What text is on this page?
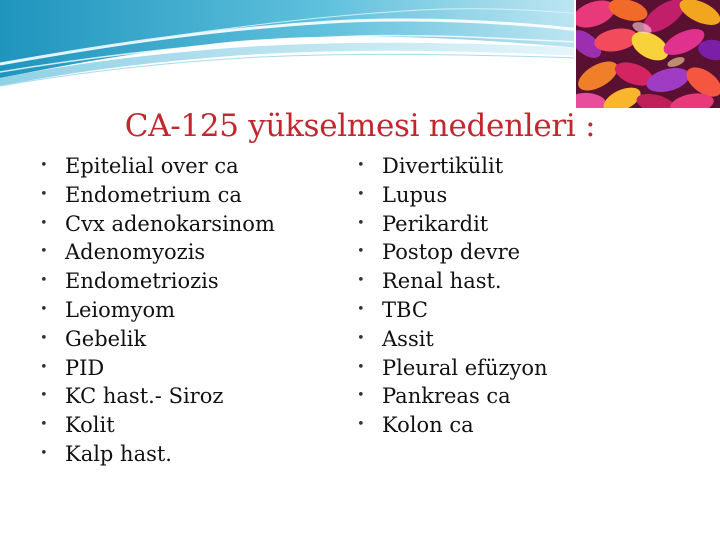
CA-125 yükselmesi nedenleri :
• Epitelial over ca
• Endometrium ca
• Cvx adenokarsinom
• Adenomyozis
• Endometriozis
• Leiomyom
• Gebelik
• PID
• KC hast.- Siroz
• Kolit
• Kalp hast.
• Divertikülit
• Lupus
• Perikardit
• Postop devre
• Renal hast.
• TBC
• Assit
• Pleural efüzyon
• Pankreas ca
• Kolon ca
